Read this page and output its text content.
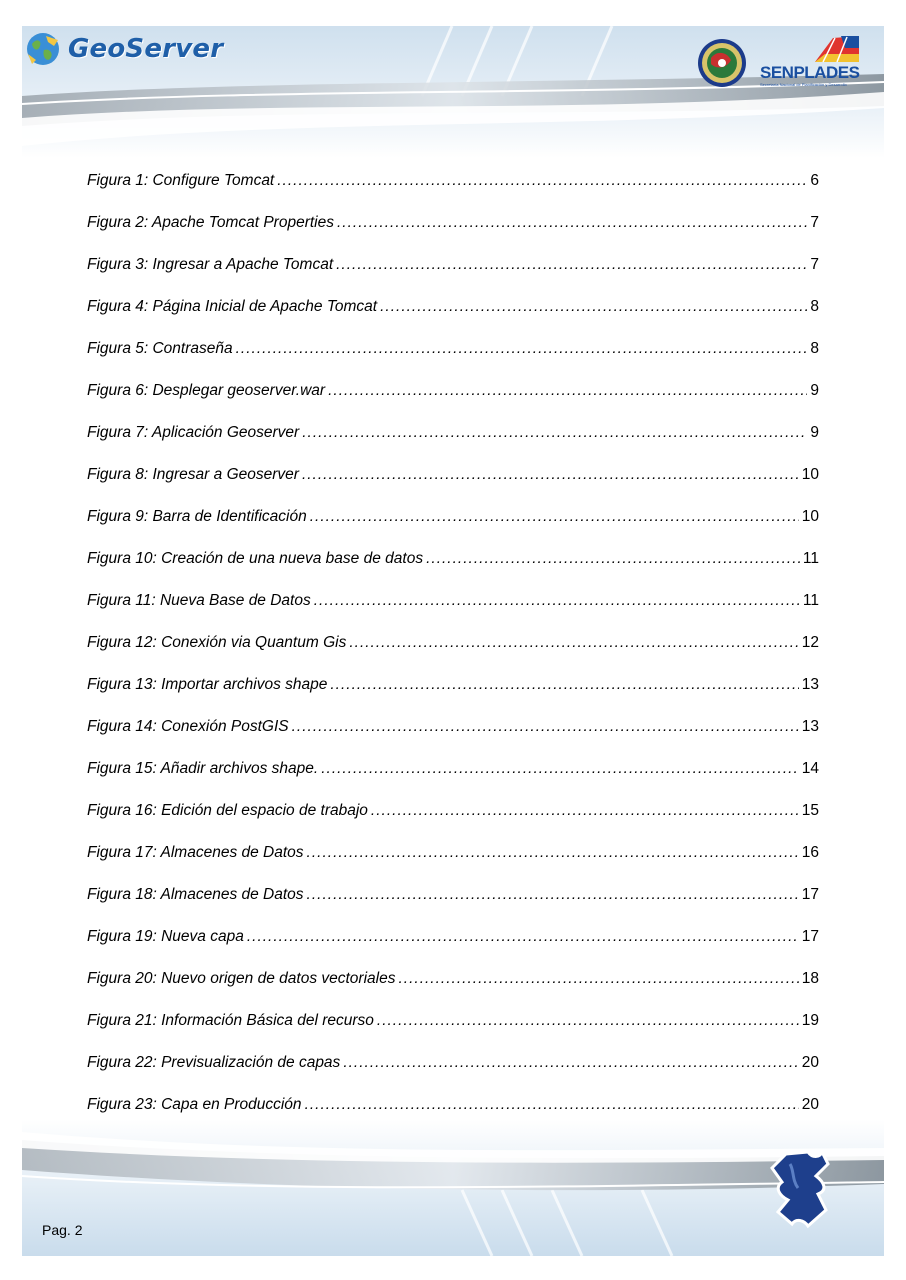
GeoServer
SENPLADES
Secretaría Nacional de Planificación y Desarrollo
Figura 1: Configure Tomcat .....	6
Figura 2: Apache Tomcat Properties .....	7
Figura 3: Ingresar a Apache Tomcat .....	7
Figura 4: Página Inicial de Apache Tomcat .....	8
Figura 5: Contraseña .....	8
Figura 6: Desplegar geoserver.war .....	9
Figura 7: Aplicación Geoserver .....	9
Figura 8: Ingresar a Geoserver .....	10
Figura 9: Barra de Identificación .....	10
Figura 10: Creación de una nueva base de datos .....	11
Figura 11: Nueva Base de Datos .....	11
Figura 12: Conexión via Quantum Gis .....	12
Figura 13: Importar archivos shape .....	13
Figura 14: Conexión PostGIS .....	13
Figura 15: Añadir archivos shape. .....	14
Figura 16: Edición del espacio de trabajo .....	15
Figura 17: Almacenes de Datos .....	16
Figura 18: Almacenes de Datos .....	17
Figura 19: Nueva capa .....	17
Figura 20: Nuevo origen de datos vectoriales .....	18
Figura 21: Información Básica del recurso .....	19
Figura 22: Previsualización de capas .....	20
Figura 23: Capa en Producción .....	20
Pag. 2
